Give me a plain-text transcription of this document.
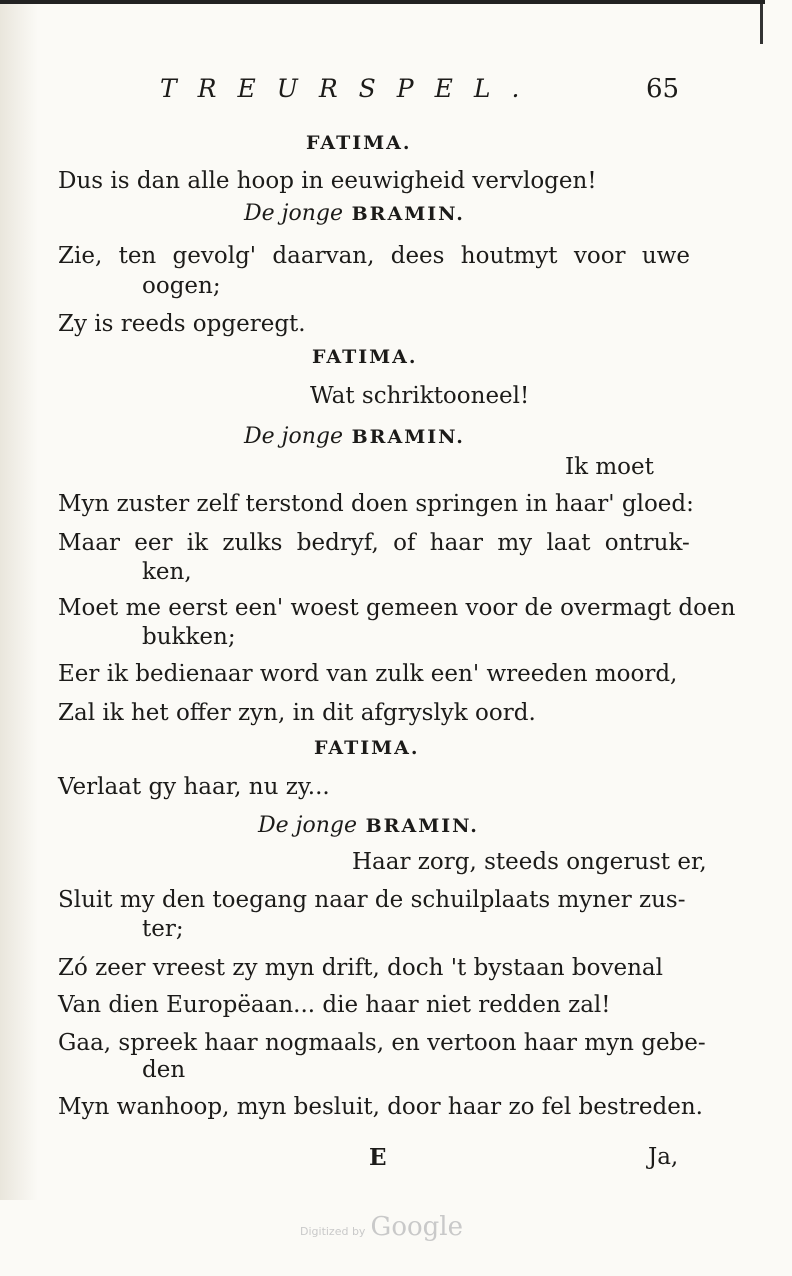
TREURSPEL.	65
FATIMA.
Dus is dan alle hoop in eeuwigheid vervlogen!
De jonge BRAMIN.
Zie, ten gevolg' daarvan, dees houtmyt voor uwe
oogen;
Zy is reeds opgeregt.
FATIMA.
Wat schriktooneel!
De jonge BRAMIN.
Ik moet
Myn zuster zelf terstond doen springen in haar' gloed:
Maar eer ik zulks bedryf, of haar my laat ontruk-
ken,
Moet me eerst een' woest gemeen voor de overmagt doen
bukken;
Eer ik bedienaar word van zulk een' wreeden moord,
Zal ik het offer zyn, in dit afgryslyk oord.
FATIMA.
Verlaat gy haar, nu zy...
De jonge BRAMIN.
Haar zorg, steeds ongerust er,
Sluit my den toegang naar de schuilplaats myner zus-
ter;
Zó zeer vreest zy myn drift, doch 't bystaan bovenal
Van dien Europëaan... die haar niet redden zal!
Gaa, spreek haar nogmaals, en vertoon haar myn gebe-
den
Myn wanhoop, myn besluit, door haar zo fel bestreden.
E	Ja,
Digitized by Google
